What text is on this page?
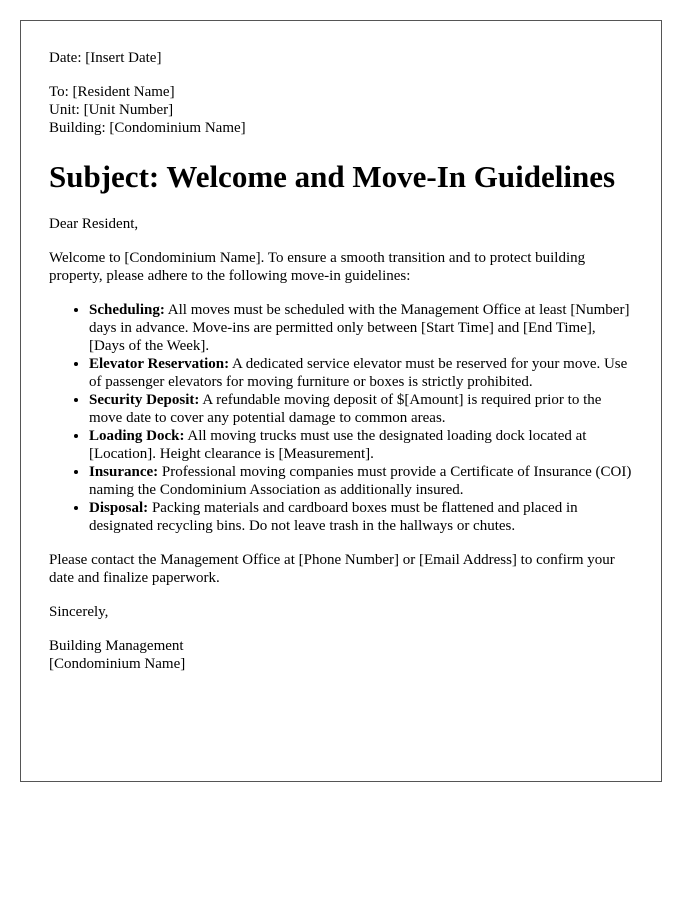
Date: [Insert Date]

To: [Resident Name]
Unit: [Unit Number]
Building: [Condominium Name]

Subject: Welcome and Move-In Guidelines

Dear Resident,

Welcome to [Condominium Name]. To ensure a smooth transition and to protect building property, please adhere to the following move-in guidelines:

• Scheduling: All moves must be scheduled with the Management Office at least [Number] days in advance. Move-ins are permitted only between [Start Time] and [End Time], [Days of the Week].
• Elevator Reservation: A dedicated service elevator must be reserved for your move. Use of passenger elevators for moving furniture or boxes is strictly prohibited.
• Security Deposit: A refundable moving deposit of $[Amount] is required prior to the move date to cover any potential damage to common areas.
• Loading Dock: All moving trucks must use the designated loading dock located at [Location]. Height clearance is [Measurement].
• Insurance: Professional moving companies must provide a Certificate of Insurance (COI) naming the Condominium Association as additionally insured.
• Disposal: Packing materials and cardboard boxes must be flattened and placed in designated recycling bins. Do not leave trash in the hallways or chutes.

Please contact the Management Office at [Phone Number] or [Email Address] to confirm your date and finalize paperwork.

Sincerely,

Building Management
[Condominium Name]
